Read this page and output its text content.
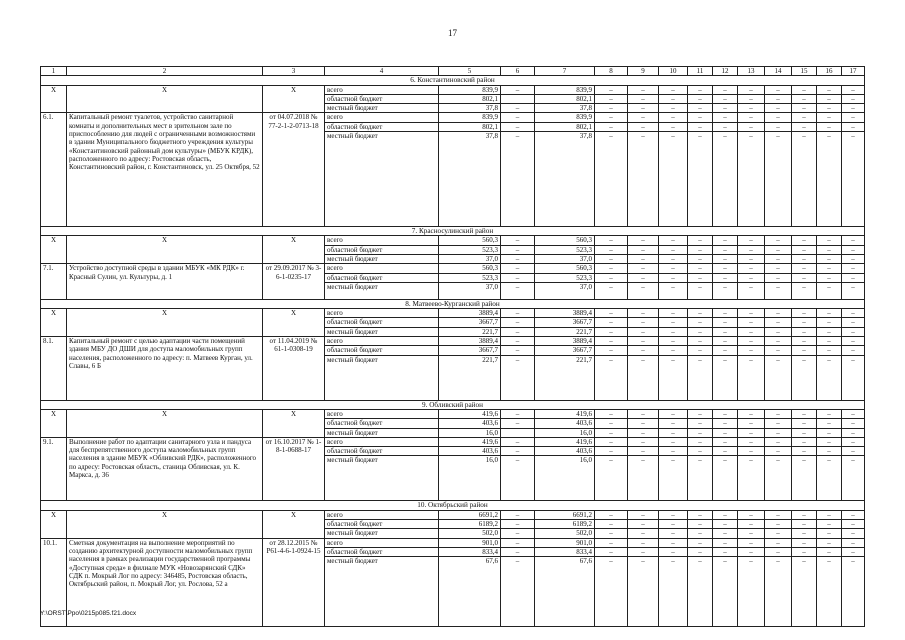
17
1	2	3	4	5	6	7	8	9	10	11	12	13	14	15	16	17
6. Константиновский район																
X	X	X	всего	839,9	–	839,9	–	–	–	–	–	–	–	–	–	–
			областной бюджет	802,1		802,1	–	–	–	–	–	–	–	–	–	–
			местный бюджет	37,8	–	37,8	–	–	–	–	–	–	–	–	–	–
6.1.	Капитальный ремонт туалетов, устройство санитарной комнаты и дополнительных мест в зрительном зале по приспособлению для людей с ограниченными возможностями в здании Муниципального бюджетного учреждения культуры «Константиновский районный дом культуры» (МБУК КРДК), расположенного по адресу: Ростовская область, Константиновский район, г. Константиновск, ул. 25 Октября, 52	от 04.07.2018 № 77-2-1-2-0713-18	всего	839,9	–	839,9	–	–	–	–	–	–	–	–	–	–
			областной бюджет	802,1	–	802,1	–	–	–	–	–	–	–	–	–	–
			местный бюджет	37,8	–	37,8	–	–	–	–	–	–	–	–	–	–
7. Красносулинский район																
X	X	X	всего	560,3	–	560,3	–	–	–	–	–	–	–	–	–	–
			областной бюджет	523,3	–	523,3	–	–	–	–	–	–	–	–	–	–
			местный бюджет	37,0	–	37,0	–	–	–	–	–	–	–	–	–	–
7.1.	Устройство доступной среды в здании МБУК «МК РДК» г. Красный Сулин, ул. Культуры, д. 1	от 29.09.2017 № 3-6-1-0235-17	всего	560,3	–	560,3	–	–	–	–	–	–	–	–	–	–
			областной бюджет	523,3	–	523,3	–	–	–	–	–	–	–	–	–	–
			местный бюджет	37,0	–	37,0	–	–	–	–	–	–	–	–	–	–
8. Матвеево-Курганский район																
X	X	X	всего	3889,4	–	3889,4	–	–	–	–	–	–	–	–	–	–
			областной бюджет	3667,7	–	3667,7	–	–	–	–	–	–	–	–	–	–
			местный бюджет	221,7	–	221,7	–	–	–	–	–	–	–	–	–	–
8.1.	Капитальный ремонт с целью адаптации части помещений здания МБУ ДО ДШИ для доступа маломобильных групп населения, расположенного по адресу: п. Матвеев Курган, ул. Славы, 6 Б	от 11.04.2019 № 61-1-0308-19	всего	3889,4	–	3889,4	–	–	–	–	–	–	–	–	–	–
			областной бюджет	3667,7	–	3667,7	–	–	–	–	–	–	–	–	–	–
			местный бюджет	221,7	–	221,7	–	–	–	–	–	–	–	–	–	–
9. Обливский район																
X	X	X	всего	419,6	–	419,6	–	–	–	–	–	–	–	–	–	–
			областной бюджет	403,6	–	403,6	–	–	–	–	–	–	–	–	–	–
			местный бюджет	16,0		16,0	–	–	–	–	–	–	–	–	–	–
9.1.	Выполнение работ по адаптации санитарного узла и пандуса для беспрепятственного доступа маломобильных групп населения в здание МБУК «Обливский РДК», расположенного по адресу: Ростовская область, станица Обливская, ул. К. Маркса, д. 36	от 16.10.2017 № 1-8-1-0688-17	всего	419,6	–	419,6	–	–	–	–	–	–	–	–	–	–
			областной бюджет	403,6	–	403,6	–	–	–	–	–	–	–	–	–	–
			местный бюджет	16,0	–	16,0	–	–	–	–	–	–	–	–	–	–
10. Октябрьский район																
X	X	X	всего	6691,2	–	6691,2	–	–	–	–	–	–	–	–	–	–
			областной бюджет	6189,2	–	6189,2	–	–	–	–	–	–	–	–	–	–
			местный бюджет	502,0	–	502,0	–	–	–	–	–	–	–	–	–	–
10.1.	Сметная документация на выполнение мероприятий по созданию архитектурной доступности маломобильных групп населения в рамках реализации государственной программы «Доступная среда» в филиале МУК «Новозарянский СДК» СДК п. Мокрый Лог по адресу: 346485, Ростовская область, Октябрьский район, п. Мокрый Лог, ул. Рослова, 52 а	от 28.12.2015 № Р61-4-6-1-0924-15	всего	901,0	–	901,0	–	–	–	–	–	–	–	–	–	–
			областной бюджет	833,4	–	833,4	–	–	–	–	–	–	–	–	–	–
			местный бюджет	67,6	–	67,6	–	–	–	–	–	–	–	–	–	–
Y:\ORST\Ppo\0215p085.f21.docx
